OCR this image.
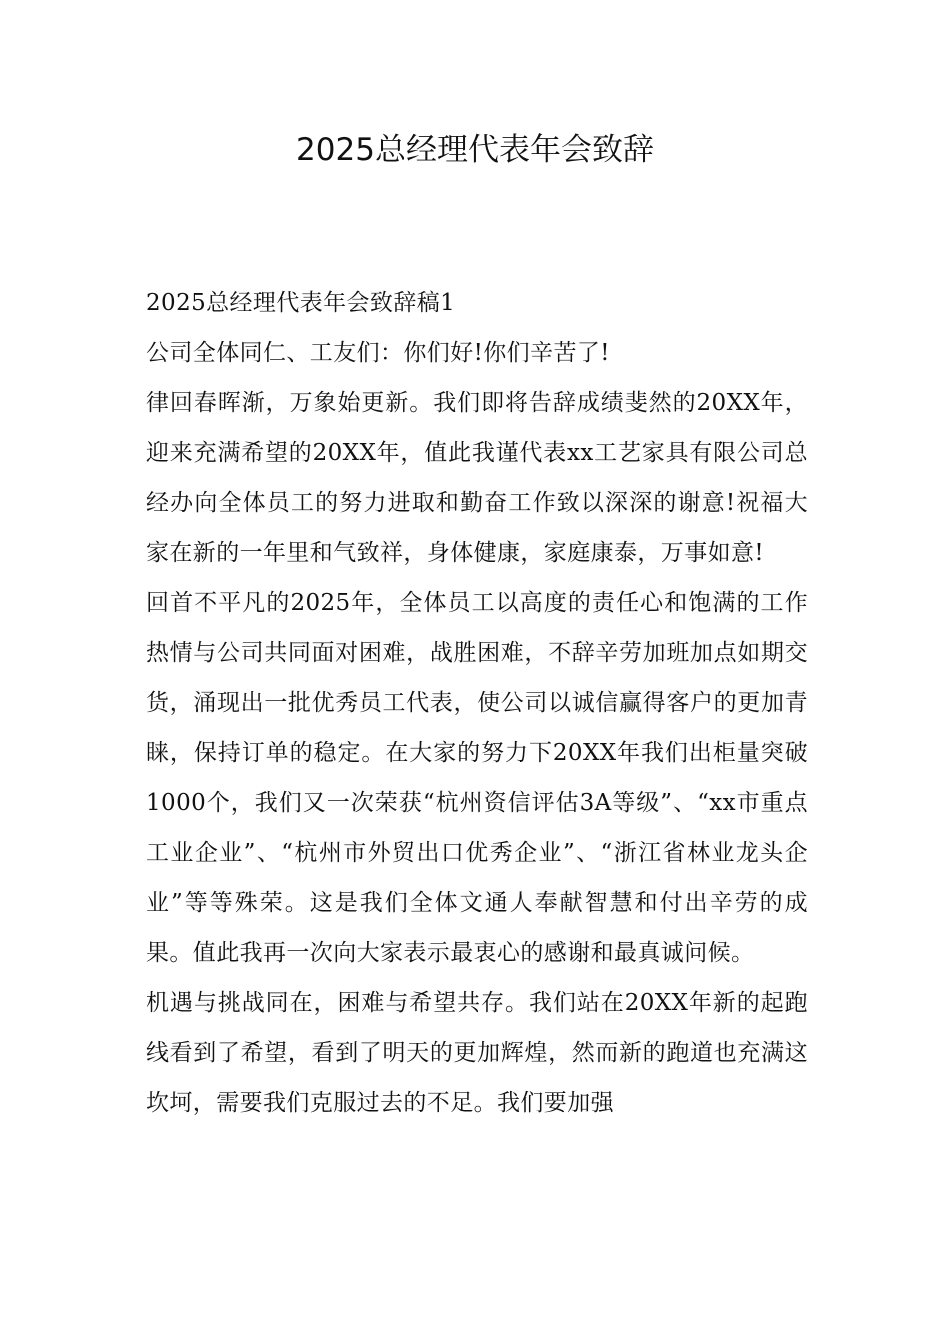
2025总经理代表年会致辞

2025总经理代表年会致辞稿1

公司全体同仁、工友们：你们好!你们辛苦了!

律回春晖渐，万象始更新。我们即将告辞成绩斐然的20XX年，迎来充满希望的20XX年，值此我谨代表xx工艺家具有限公司总经办向全体员工的努力进取和勤奋工作致以深深的谢意!祝福大家在新的一年里和气致祥，身体健康，家庭康泰，万事如意!

回首不平凡的2025年，全体员工以高度的责任心和饱满的工作热情与公司共同面对困难，战胜困难，不辞辛劳加班加点如期交货，涌现出一批优秀员工代表，使公司以诚信赢得客户的更加青睐，保持订单的稳定。在大家的努力下20XX年我们出柜量突破1000个，我们又一次荣获“杭州资信评估3A等级”、“xx市重点工业企业”、“杭州市外贸出口优秀企业”、“浙江省林业龙头企业”等等殊荣。这是我们全体文通人奉献智慧和付出辛劳的成果。值此我再一次向大家表示最衷心的感谢和最真诚问候。

机遇与挑战同在，困难与希望共存。我们站在20XX年新的起跑线看到了希望，看到了明天的更加辉煌，然而新的跑道也充满这坎坷，需要我们克服过去的不足。我们要加强
